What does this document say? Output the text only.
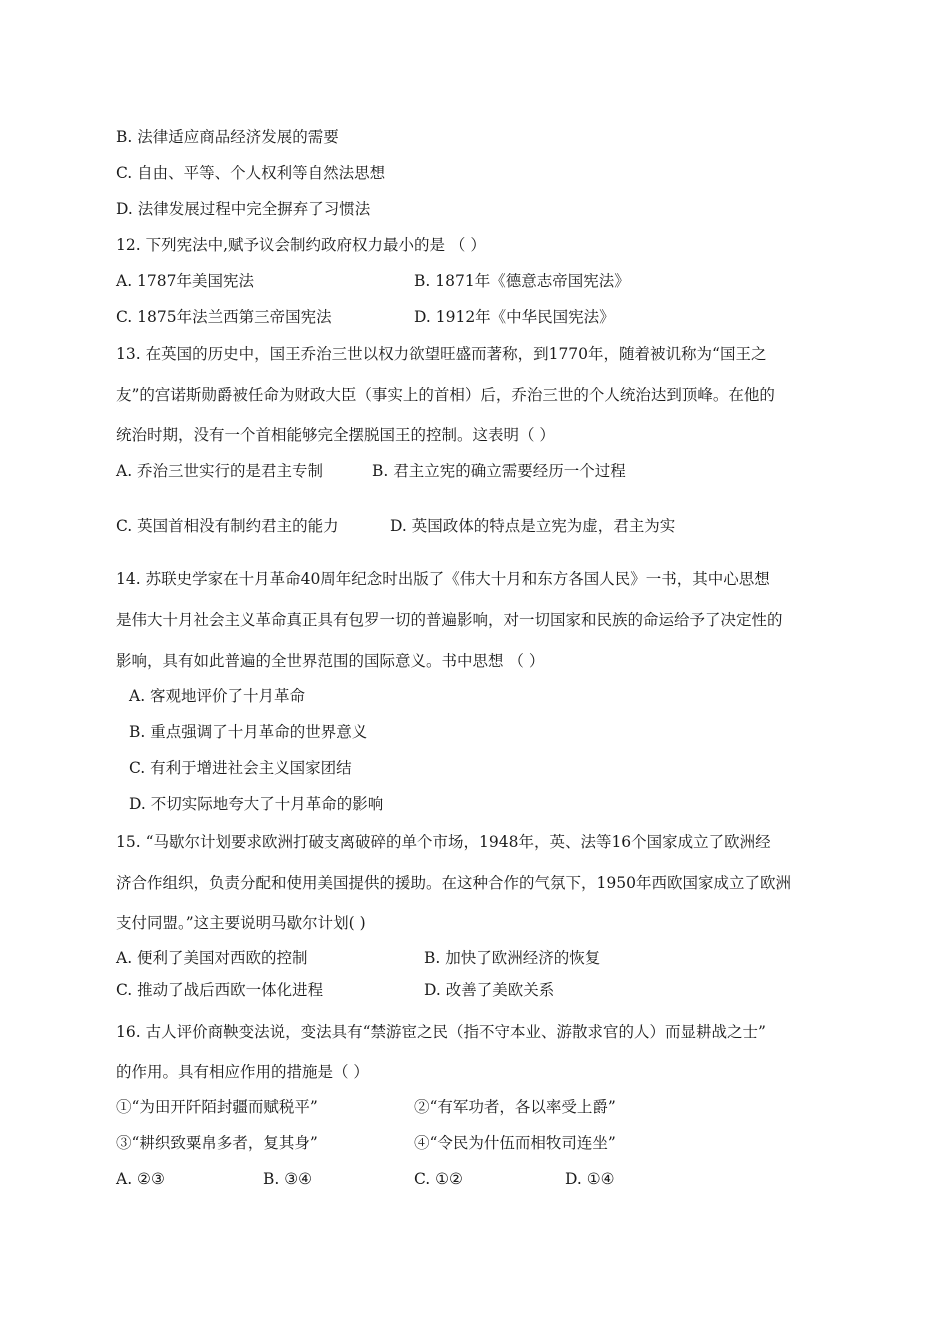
B. 法律适应商品经济发展的需要
C. 自由、平等、个人权利等自然法思想
D. 法律发展过程中完全摒弃了习惯法
12. 下列宪法中,赋予议会制约政府权力最小的是 （ ）
A. 1787年美国宪法	B. 1871年《德意志帝国宪法》
C. 1875年法兰西第三帝国宪法	D. 1912年《中华民国宪法》
13. 在英国的历史中，国王乔治三世以权力欲望旺盛而著称，到1770年，随着被讥称为“国王之
友”的宫诺斯勋爵被任命为财政大臣（事实上的首相）后，乔治三世的个人统治达到顶峰。在他的
统治时期，没有一个首相能够完全摆脱国王的控制。这表明（ ）
A. 乔治三世实行的是君主专制	B. 君主立宪的确立需要经历一个过程
C. 英国首相没有制约君主的能力	D. 英国政体的特点是立宪为虚，君主为实
14. 苏联史学家在十月革命40周年纪念时出版了《伟大十月和东方各国人民》一书，其中心思想
是伟大十月社会主义革命真正具有包罗一切的普遍影响，对一切国家和民族的命运给予了决定性的
影响，具有如此普遍的全世界范围的国际意义。书中思想 （ ）
A. 客观地评价了十月革命
B. 重点强调了十月革命的世界意义
C. 有利于增进社会主义国家团结
D. 不切实际地夸大了十月革命的影响
15. “马歇尔计划要求欧洲打破支离破碎的单个市场，1948年，英、法等16个国家成立了欧洲经
济合作组织，负责分配和使用美国提供的援助。在这种合作的气氛下，1950年西欧国家成立了欧洲
支付同盟。”这主要说明马歇尔计划( )
A. 便利了美国对西欧的控制	B. 加快了欧洲经济的恢复
C. 推动了战后西欧一体化进程	D. 改善了美欧关系
16. 古人评价商鞅变法说，变法具有“禁游宦之民（指不守本业、游散求官的人）而显耕战之士”
的作用。具有相应作用的措施是（ ）
①“为田开阡陌封疆而赋税平”	②“有军功者，各以率受上爵”
③“耕织致粟帛多者，复其身”	④“令民为什伍而相牧司连坐”
A. ②③	B. ③④	C. ①②	D. ①④
